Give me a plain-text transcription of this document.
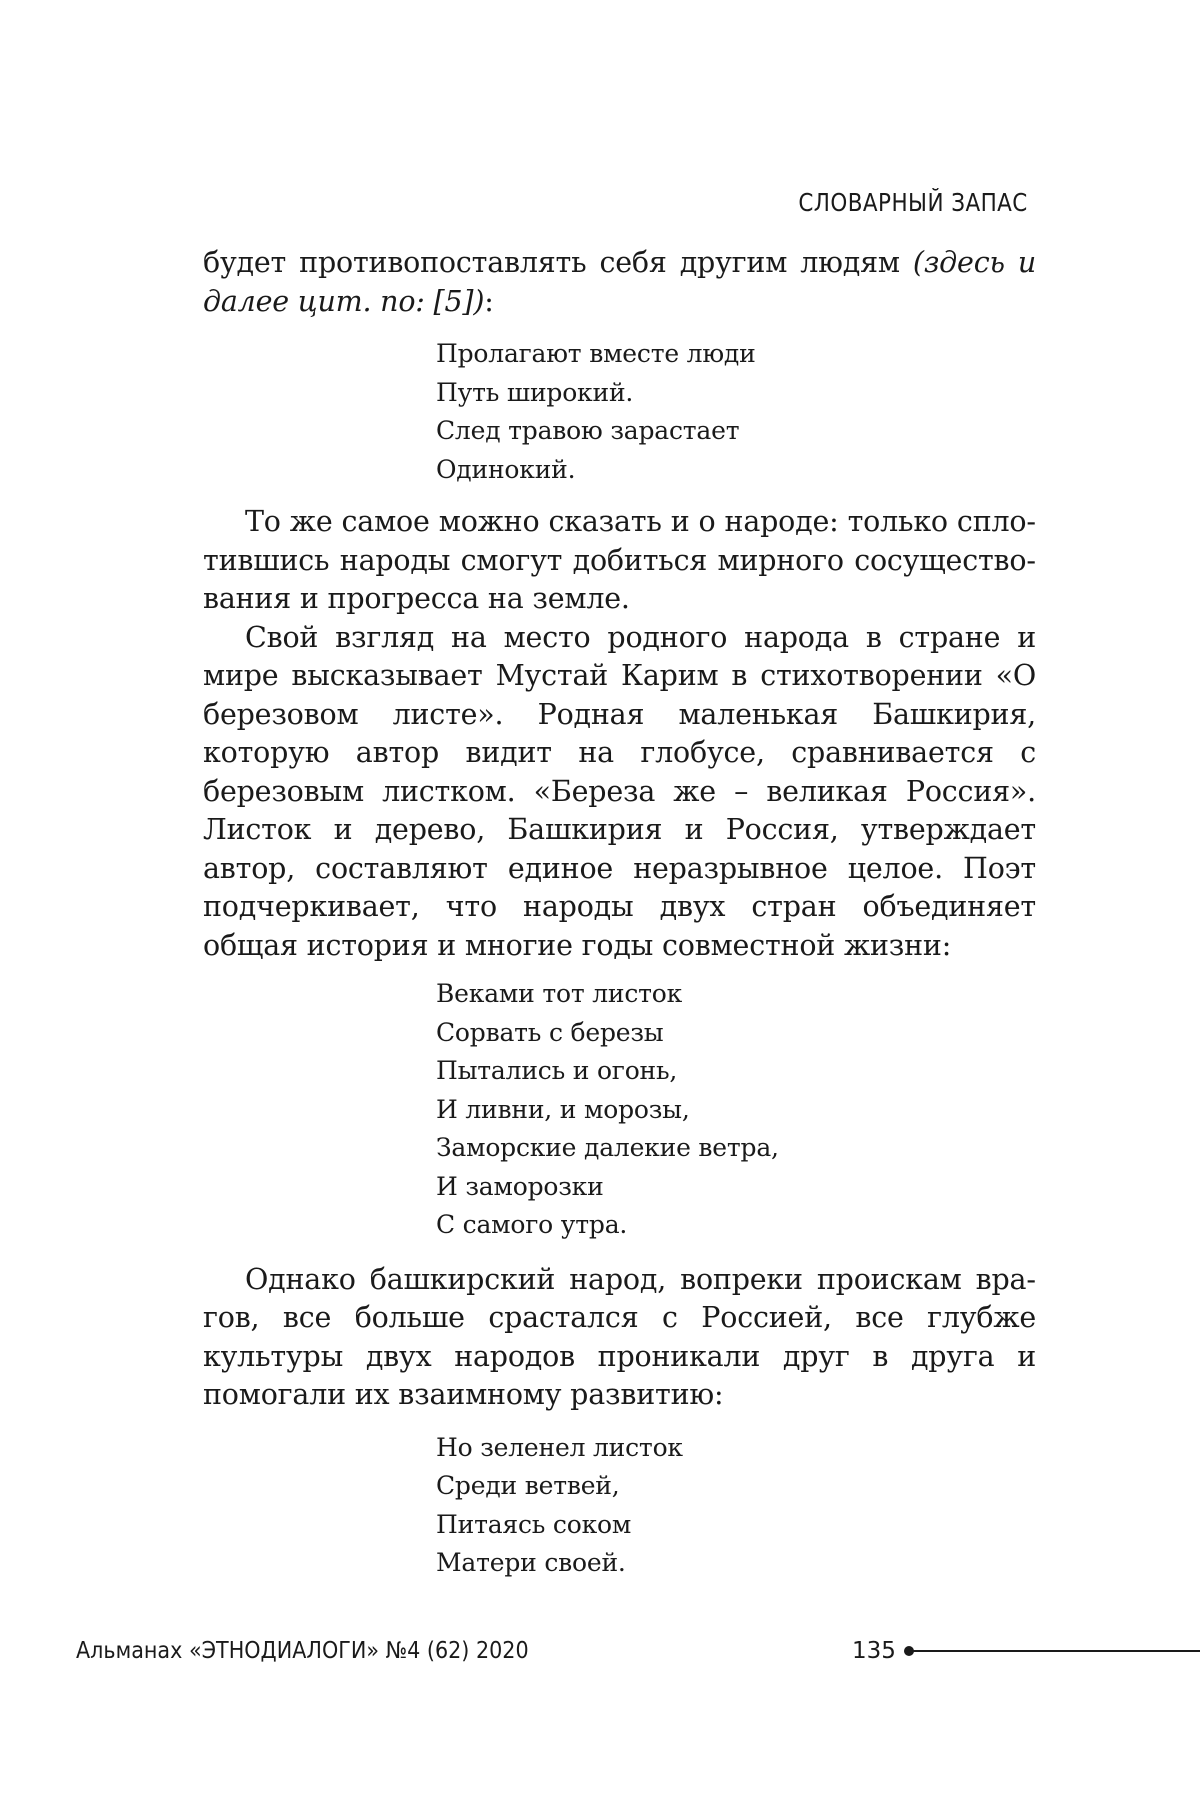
СЛОВАРНЫЙ ЗАПАС

будет противопоставлять себя другим людям (здесь и далее цит. по: [5]):

Пролагают вместе люди
Путь широкий.
След травою зарастает
Одинокий.

То же самое можно сказать и о народе: только спло­тившись народы смогут добиться мирного сосущество­вания и прогресса на земле.

Свой взгляд на место родного народа в стране и мире высказывает Мустай Карим в стихотворении «О бере­зовом листе». Родная маленькая Башкирия, которую автор видит на глобусе, сравнивается с березовым лист­ком. «Береза же – великая Россия». Листок и дерево, Башкирия и Россия, утверждает автор, составляют еди­ное неразрывное целое. Поэт подчеркивает, что наро­ды двух стран объединяет общая история и многие годы совместной жизни:

Веками тот листок
Сорвать с березы
Пытались и огонь,
И ливни, и морозы,
Заморские далекие ветра,
И заморозки
С самого утра.

Однако башкирский народ, вопреки проискам вра­гов, все больше срастался с Россией, все глубже культу­ры двух народов проникали друг в друга и помогали их взаимному развитию:

Но зеленел листок
Среди ветвей,
Питаясь соком
Матери своей.
Альманах «ЭТНОДИАЛОГИ» №4 (62) 2020	135
